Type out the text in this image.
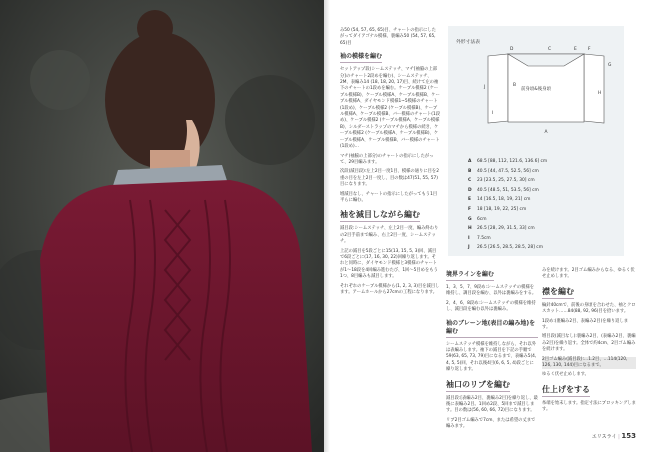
み50 (54, 57, 65, 65)目、チャートの指示にしたがってダイアゴナル模様、裏編み50 (54, 57, 65, 65)目

袖の模様を編む

セットアップ段(シームステッチ、マチ[袖脇の上部分]のチャート2段めを編む)、シームステッチ、2M、表編み14 (18, 18, 20, 17)目、続けて左の袖下のチャートの1段めを編む。ケーブル模様2 (ケーブル模様B)、ケーブル模様A、ケーブル模様B、ケーブル模様A、ダイヤモンド模様1~5模様のチャート(1段め)、ケーブル模様2 (ケーブル模様B)、ケーブル模様A、ケーブル模様B、バー模様のチャート(1段め)、ケーブル模様2 (ケーブル模様A、ケーブル模様B)、シルダーストラップのマチから模様の続き、ケーブル模様2 (ケーブル模様A、ケーブル模様B)、ケーブル模様A、ケーブル模様B、バー模様のチャート(1段め)…

マチ(袖脇の上部分)のチャートの指示にしたがって、29目編みます。

次段(減目段):左上2目一度1目、模様の通りに目を2重の目を左上2目一度し、目の数は47(51, 55, 57)目になります。

増減目なし、チャートの指示にしたがってもう1目平らに編む。

袖を減目しながら編む

減目段:シームステッチ、左上2目一度、編み終わりの2目手前まで編み、右上2目一度、シームステッチ。

上記の減目を5段ごとに15(13, 15, 5, 3)回、減目で6段ごとに(17, 16, 30, 22)回繰り返します。それと同時に、ダイヤモンド模様と3模様のチャートが1～18段を4回編み進むたび、1回～5目めをもう1つ、8目編みも減目します。

それぞれのケーブル模様から(1, 2, 3, 3)目を減目します。アームホールから27cmの工程になります。

境界ラインを編む

1、3、5、7、9段め:シームステッチの模様を維持し、調目段を編む、以外は裏編みをする。

2、4、6、8段め:シームステッチの模様を維持し、減目段を編む以外は裏編み。

袖のブレーン地(表目の編み地)を編む

シームステッチ模様を維持しながら、それ以外は表編みします。袖下の減目を下記の手順で59(63, 65, 73, 79)目になるまで、表編み5(4, 4, 5, 5)回、それ以後4目(6, 6, 5, 4)段ごとに繰り返します。

袖口のリブを編む

減目段:[表編み2目、裏編み2目]を繰り返し、最後に表編み2目。1回め2段、5回まで減目します。目の数は(56, 60, 66, 72)目になります。

リブ2目ゴム編みで7cm、または希望の丈まで編みます。

みを続けます。2目ゴム編みからなる、ゆるく伏せ止めします。

襟を編む

輪針40cmで、前後の身頃を合わせた、袖とクロスカット……84(88, 92, 96)目を拾います。

1段め:(裏編み2目、表編み2目)を繰り返します。

増目段(減目なし):裏編み2目、(表編み2目、裏編み2目)を繰り返す。全体で約4cm、2目ゴム編みを続けます。

2目ゴム編み(減目段):…1.2目、…114(120, 126, 130, 144)目になるまで。

ゆるく伏せ止めします。

仕上げをする

糸端を始末します。指定寸法にブロッキングします。

外形寸法表
前身頃&後身頃
A
B
C
D	E	F
G
H
I
J
A 68.5 [88, 112, 121.6, 136.6] cm
B 40.5 [44, 47.5, 52.5, 56] cm
C 23 [23.5, 25, 27.5, 30] cm
D 40.5 [48.5, 51, 53.5, 56] cm
E 14 [16.5, 18, 19, 21] cm
F 18 [18, 19, 22, 25] cm
G 6cm
H 26.5 [28, 29, 31.5, 33] cm
I 7.5cm
J 26.5 [26.5, 28.5, 28.5, 28] cm
エリスライ | 153
